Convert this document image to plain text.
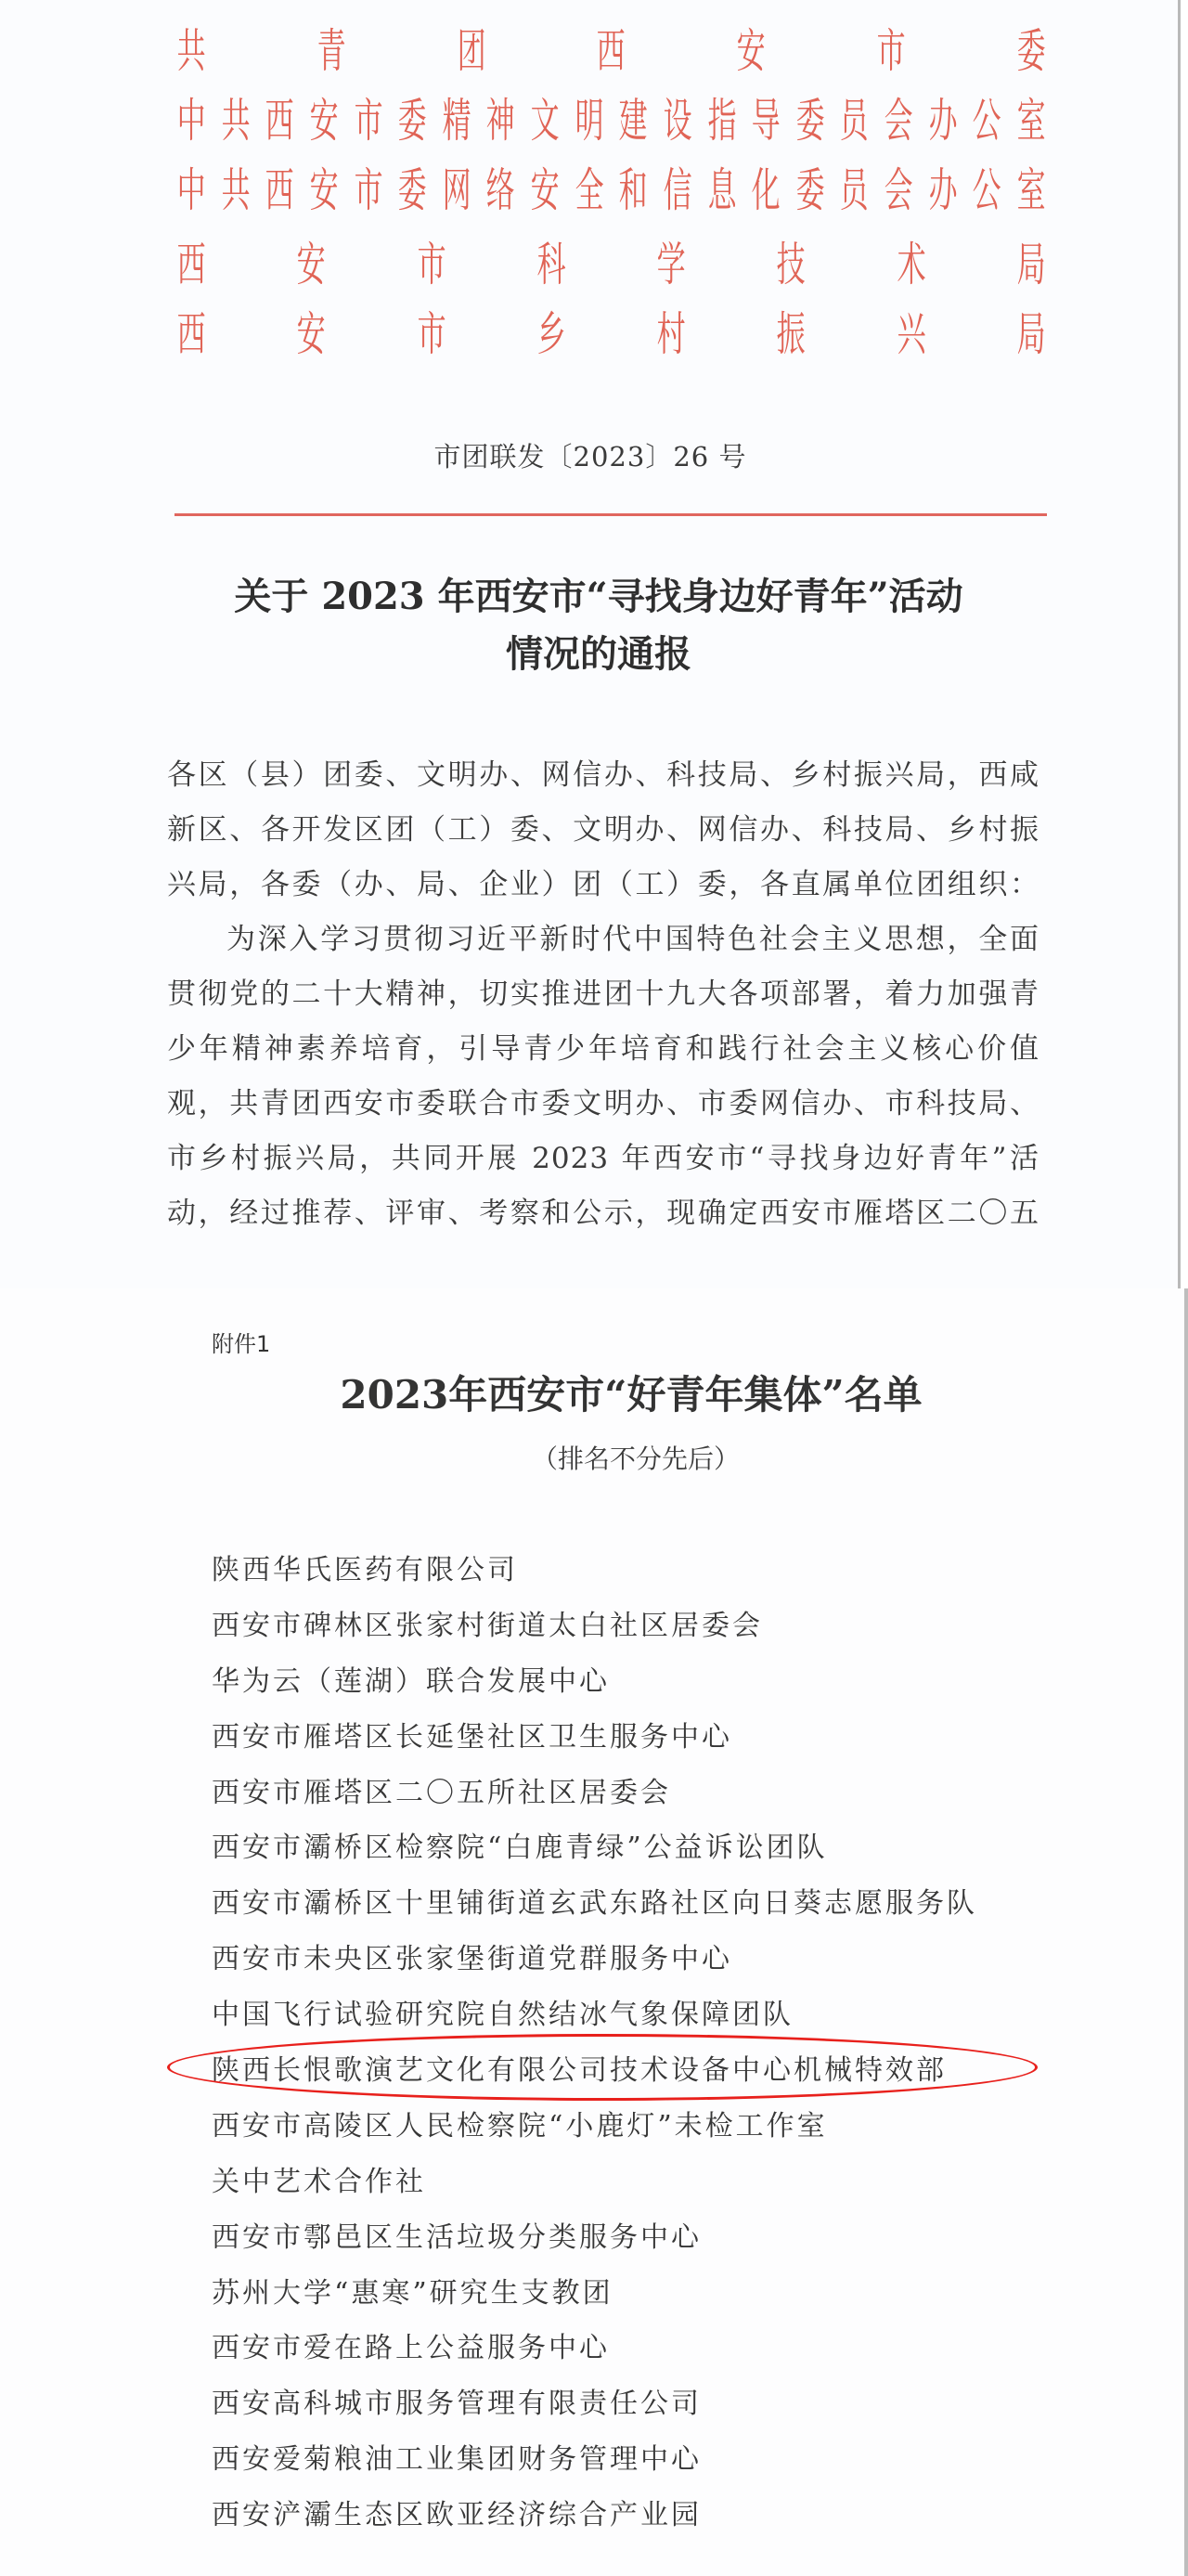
共 青 团 西 安 市 委
中 共 西 安 市 委 精 神 文 明 建 设 指 导 委 员 会 办 公 室
中 共 西 安 市 委 网 络 安 全 和 信 息 化 委 员 会 办 公 室
西 安 市 科 学 技 术 局
西 安 市 乡 村 振 兴 局
市团联发〔2023〕26 号
关于 2023 年西安市“寻找身边好青年”活动
情况的通报
各区（县）团委、文明办、网信办、科技局、乡村振兴局，西咸
新区、各开发区团（工）委、文明办、网信办、科技局、乡村振
兴局，各委（办、局、企业）团（工）委，各直属单位团组织：
为深入学习贯彻习近平新时代中国特色社会主义思想，全面
贯彻党的二十大精神，切实推进团十九大各项部署，着力加强青
少年精神素养培育，引导青少年培育和践行社会主义核心价值
观，共青团西安市委联合市委文明办、市委网信办、市科技局、
市乡村振兴局，共同开展 2023 年西安市“寻找身边好青年”活
动，经过推荐、评审、考察和公示，现确定西安市雁塔区二〇五
附件1
2023年西安市“好青年集体”名单
（排名不分先后）
陕西华氏医药有限公司
西安市碑林区张家村街道太白社区居委会
华为云（莲湖）联合发展中心
西安市雁塔区长延堡社区卫生服务中心
西安市雁塔区二〇五所社区居委会
西安市灞桥区检察院“白鹿青绿”公益诉讼团队
西安市灞桥区十里铺街道玄武东路社区向日葵志愿服务队
西安市未央区张家堡街道党群服务中心
中国飞行试验研究院自然结冰气象保障团队
陕西长恨歌演艺文化有限公司技术设备中心机械特效部
西安市高陵区人民检察院“小鹿灯”未检工作室
关中艺术合作社
西安市鄠邑区生活垃圾分类服务中心
苏州大学“惠寒”研究生支教团
西安市爱在路上公益服务中心
西安高科城市服务管理有限责任公司
西安爱菊粮油工业集团财务管理中心
西安浐灞生态区欧亚经济综合产业园
